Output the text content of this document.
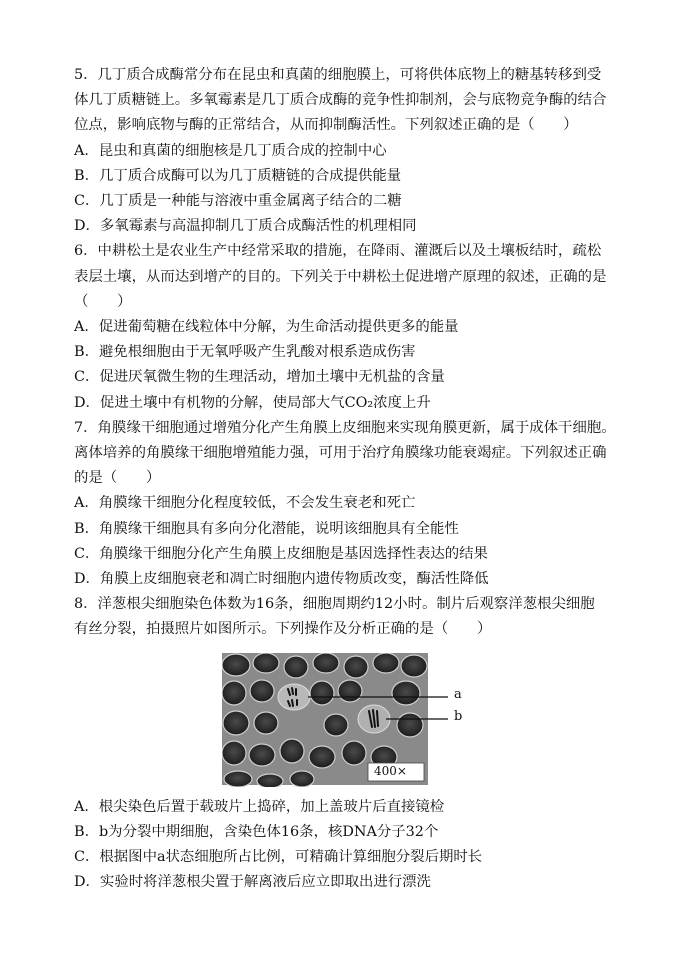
5．几丁质合成酶常分布在昆虫和真菌的细胞膜上，可将供体底物上的糖基转移到受
体几丁质糖链上。多氧霉素是几丁质合成酶的竞争性抑制剂，会与底物竞争酶的结合
位点，影响底物与酶的正常结合，从而抑制酶活性。下列叙述正确的是（　　）
A．昆虫和真菌的细胞核是几丁质合成的控制中心
B．几丁质合成酶可以为几丁质糖链的合成提供能量
C．几丁质是一种能与溶液中重金属离子结合的二糖
D．多氧霉素与高温抑制几丁质合成酶活性的机理相同
6．中耕松土是农业生产中经常采取的措施，在降雨、灌溉后以及土壤板结时，疏松
表层土壤，从而达到增产的目的。下列关于中耕松土促进增产原理的叙述，正确的是
（　　）
A．促进葡萄糖在线粒体中分解，为生命活动提供更多的能量
B．避免根细胞由于无氧呼吸产生乳酸对根系造成伤害
C．促进厌氧微生物的生理活动，增加土壤中无机盐的含量
D．促进土壤中有机物的分解，使局部大气CO₂浓度上升
7．角膜缘干细胞通过增殖分化产生角膜上皮细胞来实现角膜更新，属于成体干细胞。
离体培养的角膜缘干细胞增殖能力强，可用于治疗角膜缘功能衰竭症。下列叙述正确
的是（　　）
A．角膜缘干细胞分化程度较低，不会发生衰老和死亡
B．角膜缘干细胞具有多向分化潜能，说明该细胞具有全能性
C．角膜缘干细胞分化产生角膜上皮细胞是基因选择性表达的结果
D．角膜上皮细胞衰老和凋亡时细胞内遗传物质改变，酶活性降低
8．洋葱根尖细胞染色体数为16条，细胞周期约12小时。制片后观察洋葱根尖细胞
有丝分裂，拍摄照片如图所示。下列操作及分析正确的是（　　）
a
b
400×
A．根尖染色后置于载玻片上捣碎，加上盖玻片后直接镜检
B．b为分裂中期细胞，含染色体16条，核DNA分子32个
C．根据图中a状态细胞所占比例，可精确计算细胞分裂后期时长
D．实验时将洋葱根尖置于解离液后应立即取出进行漂洗
